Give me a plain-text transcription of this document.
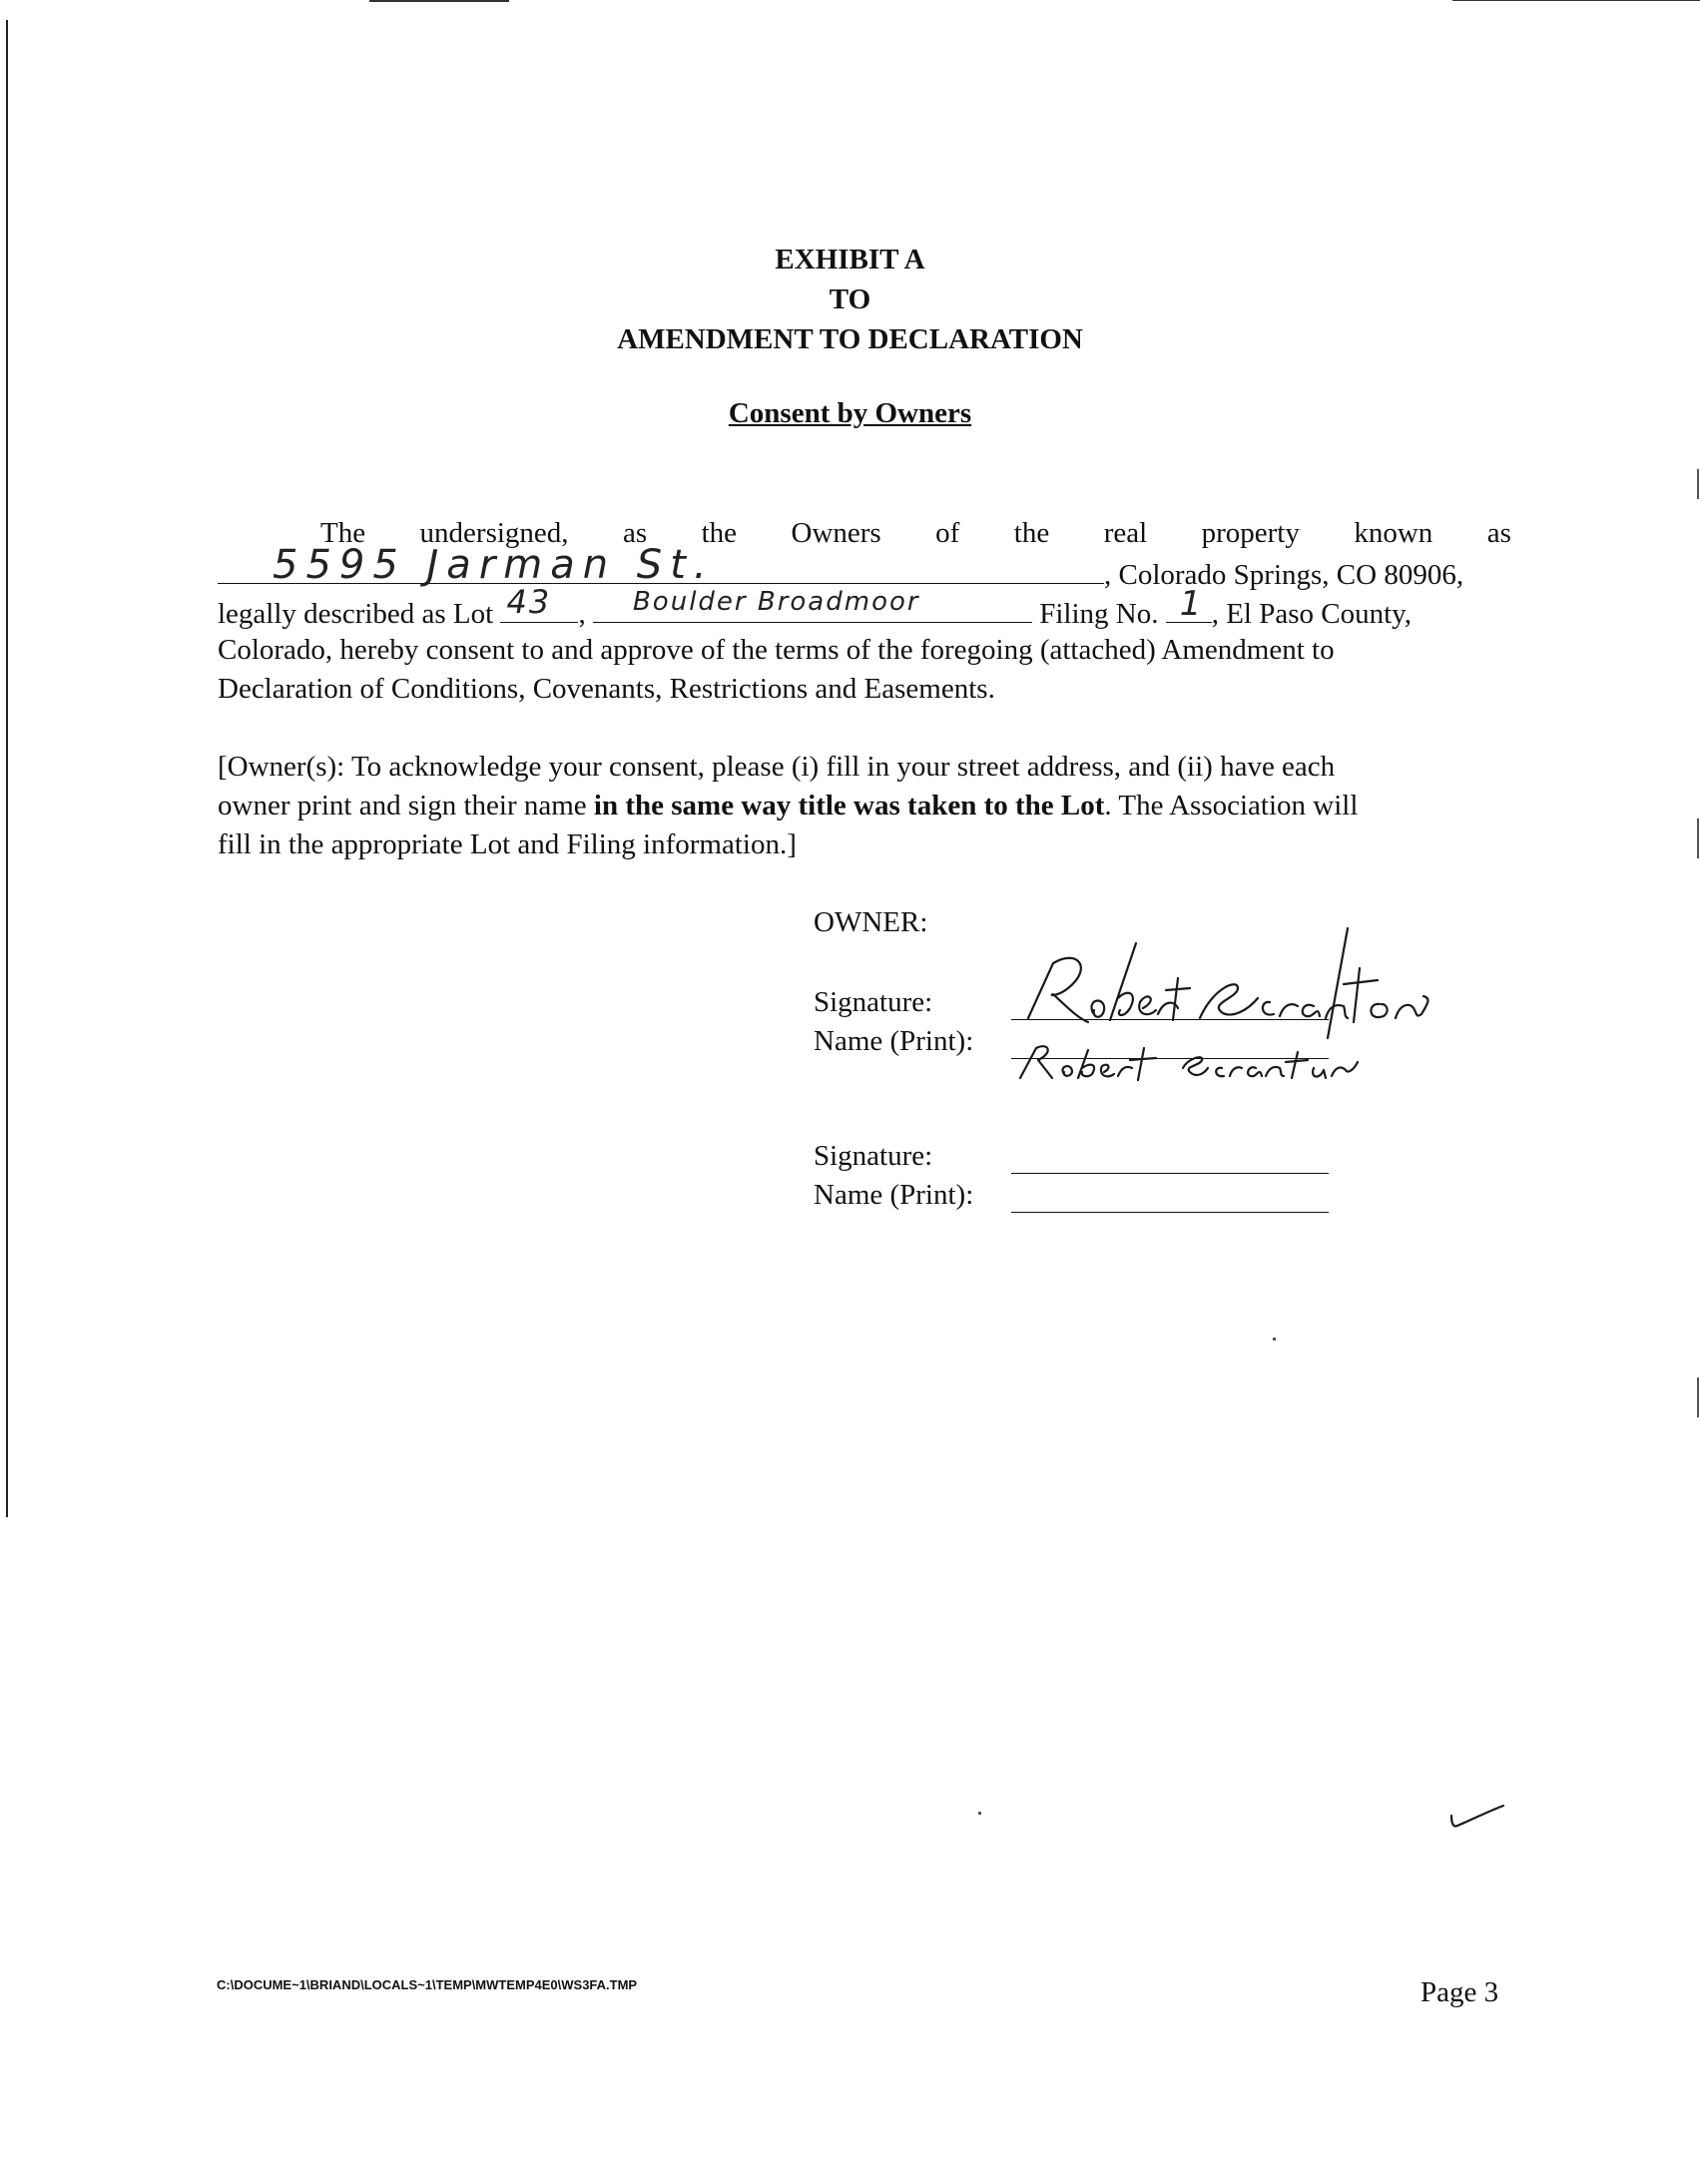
EXHIBIT A
TO
AMENDMENT TO DECLARATION
Consent by Owners
The undersigned, as the Owners of the real property known as
5595 Jarman St.	, Colorado Springs, CO 80906,
legally described as Lot 43 , Boulder Broadmoor	Filing No. 1 , El Paso County,
Colorado, hereby consent to and approve of the terms of the foregoing (attached) Amendment to
Declaration of Conditions, Covenants, Restrictions and Easements.
[Owner(s): To acknowledge your consent, please (i) fill in your street address, and (ii) have each
owner print and sign their name in the same way title was taken to the Lot. The Association will
fill in the appropriate Lot and Filing information.]
OWNER:
Signature:
Name (Print):
Signature:
Name (Print):
C:\DOCUME~1\BRIAND\LOCALS~1\TEMP\MWTEMP4E0\WS3FA.TMP	Page 3
